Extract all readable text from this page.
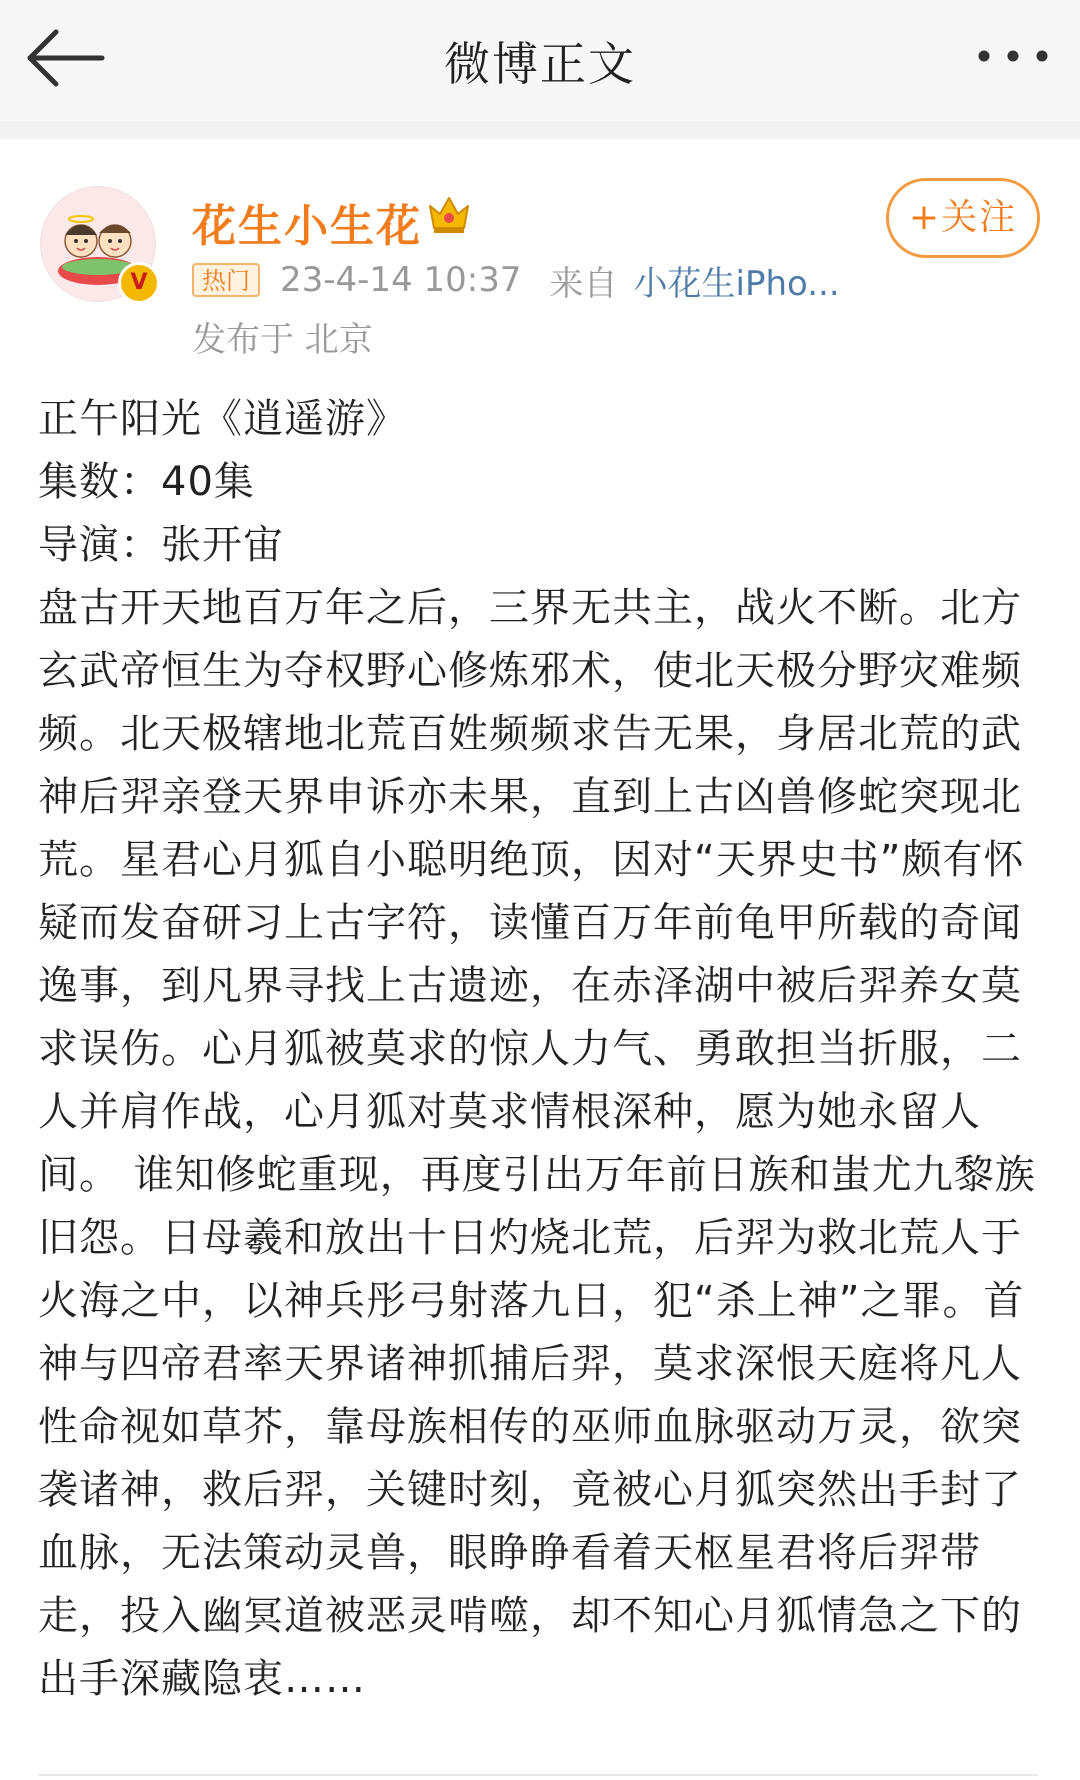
微博正文
V
花生小生花	+关注
热门 23-4-14 10:37 来自 小花生iPho...
发布于 北京
正午阳光《逍遥游》
集数：40集
导演：张开宙
盘古开天地百万年之后，三界无共主，战火不断。北方玄武帝恒生为夺权野心修炼邪术，使北天极分野灾难频频。北天极辖地北荒百姓频频求告无果，身居北荒的武神后羿亲登天界申诉亦未果，直到上古凶兽修蛇突现北荒。星君心月狐自小聪明绝顶，因对“天界史书”颇有怀疑而发奋研习上古字符，读懂百万年前龟甲所载的奇闻逸事，到凡界寻找上古遗迹，在赤泽湖中被后羿养女莫求误伤。心月狐被莫求的惊人力气、勇敢担当折服，二人并肩作战，心月狐对莫求情根深种，愿为她永留人间。 谁知修蛇重现，再度引出万年前日族和蚩尤九黎族旧怨。日母羲和放出十日灼烧北荒，后羿为救北荒人于火海之中，以神兵彤弓射落九日，犯“杀上神”之罪。首神与四帝君率天界诸神抓捕后羿，莫求深恨天庭将凡人性命视如草芥，靠母族相传的巫师血脉驱动万灵，欲突袭诸神，救后羿，关键时刻，竟被心月狐突然出手封了血脉，无法策动灵兽，眼睁睁看着天枢星君将后羿带走，投入幽冥道被恶灵啃噬，却不知心月狐情急之下的出手深藏隐衷……
